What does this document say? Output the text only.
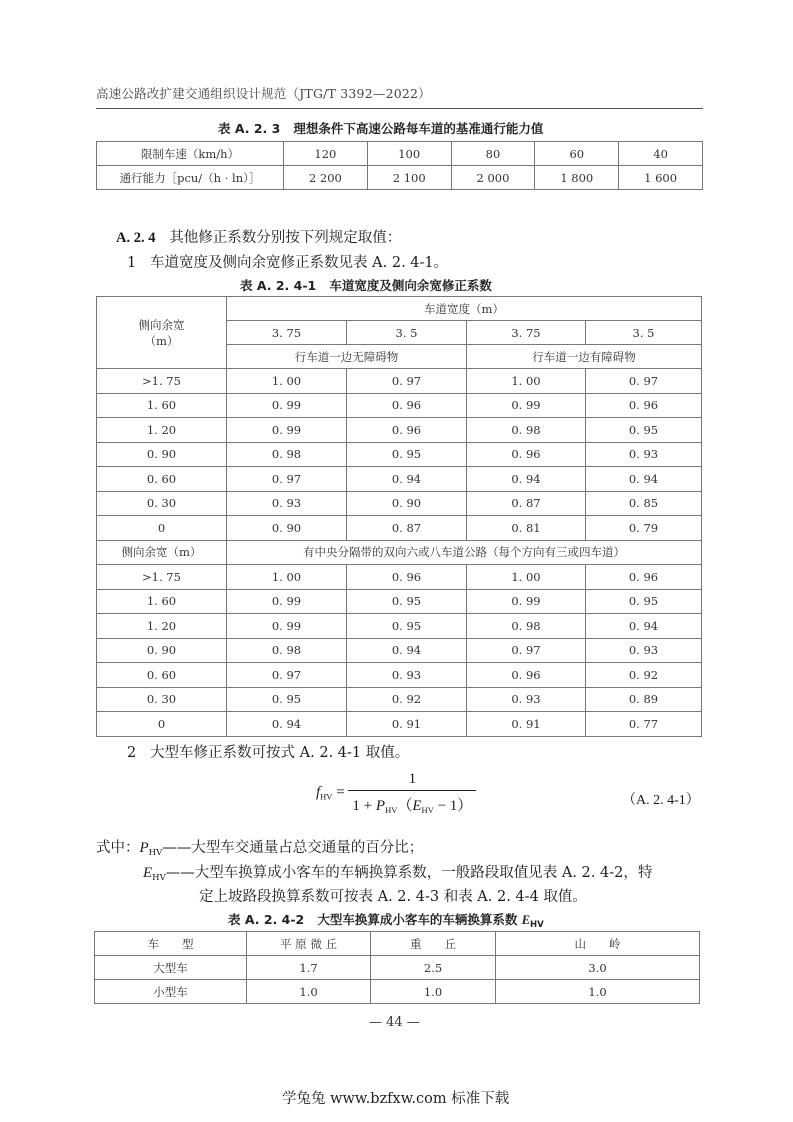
高速公路改扩建交通组织设计规范（JTG/T 3392—2022）
表 A. 2. 3 理想条件下高速公路每车道的基准通行能力值
限制车速（km/h）	120	100	80	60	40
通行能力［pcu/（h · ln）］	2 200	2 100	2 000	1 800	1 600
A. 2. 4 其他修正系数分别按下列规定取值：
1 车道宽度及侧向余宽修正系数见表 A. 2. 4-1。
表 A. 2. 4-1 车道宽度及侧向余宽修正系数
侧向余宽
（m）	车道宽度（m）			
	3. 75	3. 5	3. 75	3. 5
	行车道一边无障碍物		行车道一边有障碍物	
>1. 75	1. 00	0. 97	1. 00	0. 97
1. 60	0. 99	0. 96	0. 99	0. 96
1. 20	0. 99	0. 96	0. 98	0. 95
0. 90	0. 98	0. 95	0. 96	0. 93
0. 60	0. 97	0. 94	0. 94	0. 94
0. 30	0. 93	0. 90	0. 87	0. 85
0	0. 90	0. 87	0. 81	0. 79
侧向余宽（m）	有中央分隔带的双向六或八车道公路（每个方向有三或四车道）			
>1. 75	1. 00	0. 96	1. 00	0. 96
1. 60	0. 99	0. 95	0. 99	0. 95
1. 20	0. 99	0. 95	0. 98	0. 94
0. 90	0. 98	0. 94	0. 97	0. 93
0. 60	0. 97	0. 93	0. 96	0. 92
0. 30	0. 95	0. 92	0. 93	0. 89
0	0. 94	0. 91	0. 91	0. 77
2 大型车修正系数可按式 A. 2. 4-1 取值。
$f_{HV} = \frac{1}{1 + P_{HV}(E_{HV} - 1)}$	（A. 2. 4-1）
式中：$P_{HV}——$大型车交通量占总交通量的百分比；
$E_{HV}——$大型车换算成小客车的车辆换算系数，一般路段取值见表 A. 2. 4-2，特
定上坡路段换算系数可按表 A. 2. 4-3 和表 A. 2. 4-4 取值。
表 A. 2. 4-2 大型车换算成小客车的车辆换算系数 $E_{HV}$
车　　型	平 原 微 丘	重　　丘	山　　岭
大型车	1.7	2.5	3.0
小型车	1.0	1.0	1.0
— 44 —
学兔兔 www.bzfxw.com 标准下载
